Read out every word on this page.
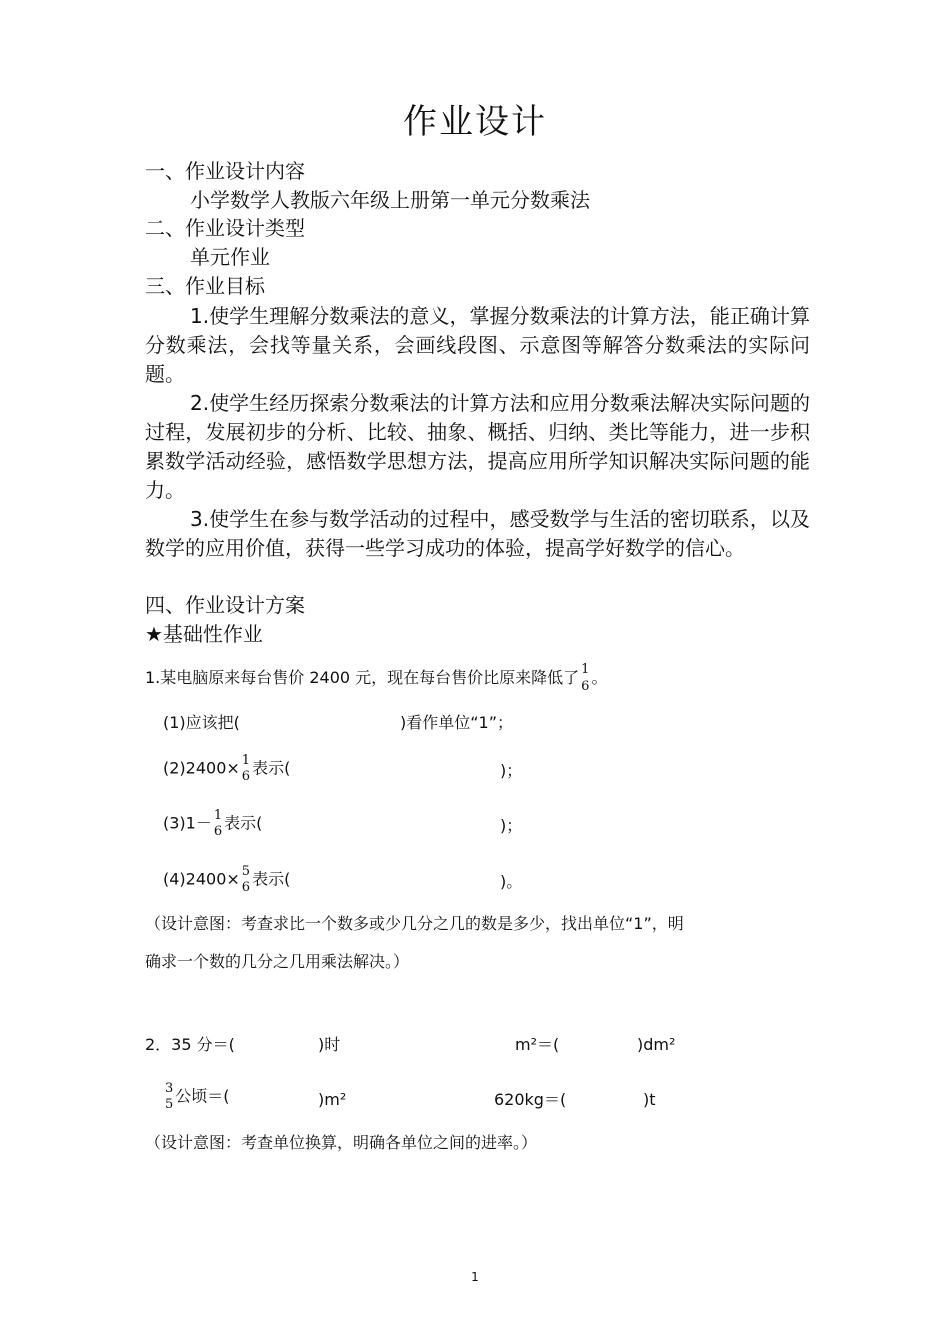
作业设计
一、作业设计内容
小学数学人教版六年级上册第一单元分数乘法
二、作业设计类型
单元作业
三、作业目标
1.使学生理解分数乘法的意义，掌握分数乘法的计算方法，能正确计算分数乘法，会找等量关系，会画线段图、示意图等解答分数乘法的实际问题。
2.使学生经历探索分数乘法的计算方法和应用分数乘法解决实际问题的过程，发展初步的分析、比较、抽象、概括、归纳、类比等能力，进一步积累数学活动经验，感悟数学思想方法，提高应用所学知识解决实际问题的能力。
3.使学生在参与数学活动的过程中，感受数学与生活的密切联系，以及数学的应用价值，获得一些学习成功的体验，提高学好数学的信心。
四、作业设计方案
★基础性作业
1.某电脑原来每台售价 2400 元，现在每台售价比原来降低了 $\frac{1}{6}$ 。
(1)应该把(	)看作单位“1”；
(2)2400× 1
6 表示(	)；
(3)1－ 1
6 表示(	)；
(4)2400× 5
6 表示(	)。
（设计意图：考查求比一个数多或少几分之几的数是多少，找出单位“1”，明
确求一个数的几分之几用乘法解决。）
2．35 分＝(	)时	m²＝(	)dm²
3
5 公顷＝(	)m²	620kg＝(	)t
（设计意图：考查单位换算，明确各单位之间的进率。）
1
